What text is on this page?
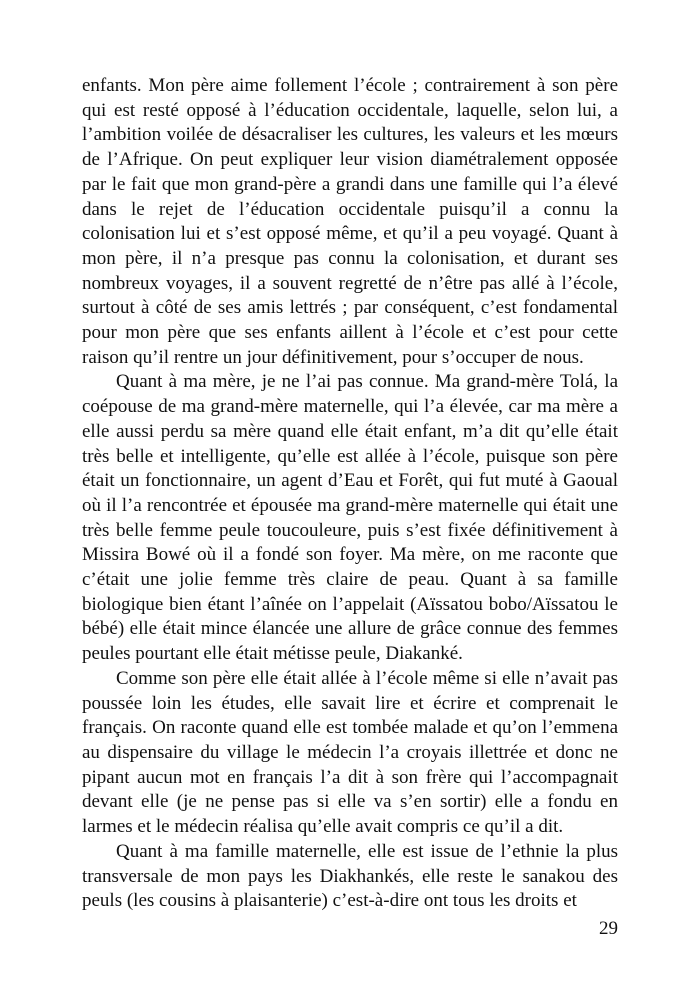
enfants. Mon père aime follement l’école ; contrairement à son père qui est resté opposé à l’éducation occidentale, laquelle, selon lui, a l’ambition voilée de désacraliser les cultures, les valeurs et les mœurs de l’Afrique. On peut expliquer leur vision diamétralement opposée par le fait que mon grand-père a grandi dans une famille qui l’a élevé dans le rejet de l’éducation occidentale puisqu’il a connu la colonisation lui et s’est opposé même, et qu’il a peu voyagé. Quant à mon père, il n’a presque pas connu la colonisation, et durant ses nombreux voyages, il a souvent regretté de n’être pas allé à l’école, surtout à côté de ses amis lettrés ; par conséquent, c’est fondamental pour mon père que ses enfants aillent à l’école et c’est pour cette raison qu’il rentre un jour définitivement, pour s’occuper de nous.

Quant à ma mère, je ne l’ai pas connue. Ma grand-mère Tolá, la coépouse de ma grand-mère maternelle, qui l’a élevée, car ma mère a elle aussi perdu sa mère quand elle était enfant, m’a dit qu’elle était très belle et intelligente, qu’elle est allée à l’école, puisque son père était un fonctionnaire, un agent d’Eau et Forêt, qui fut muté à Gaoual où il l’a rencontrée et épousée ma grand-mère maternelle qui était une très belle femme peule toucouleure, puis s’est fixée définitivement à Missira Bowé où il a fondé son foyer. Ma mère, on me raconte que c’était une jolie femme très claire de peau. Quant à sa famille biologique bien étant l’aînée on l’appelait (Aïssatou bobo/Aïssatou le bébé) elle était mince élancée une allure de grâce connue des femmes peules pourtant elle était métisse peule, Diakanké.

Comme son père elle était allée à l’école même si elle n’avait pas poussée loin les études, elle savait lire et écrire et comprenait le français. On raconte quand elle est tombée malade et qu’on l’emmena au dispensaire du village le médecin l’a croyais illettrée et donc ne pipant aucun mot en français l’a dit à son frère qui l’accompagnait devant elle (je ne pense pas si elle va s’en sortir) elle a fondu en larmes et le médecin réalisa qu’elle avait compris ce qu’il a dit.

Quant à ma famille maternelle, elle est issue de l’ethnie la plus transversale de mon pays les Diakhankés, elle reste le sanakou des peuls (les cousins à plaisanterie) c’est-à-dire ont tous les droits et

29
